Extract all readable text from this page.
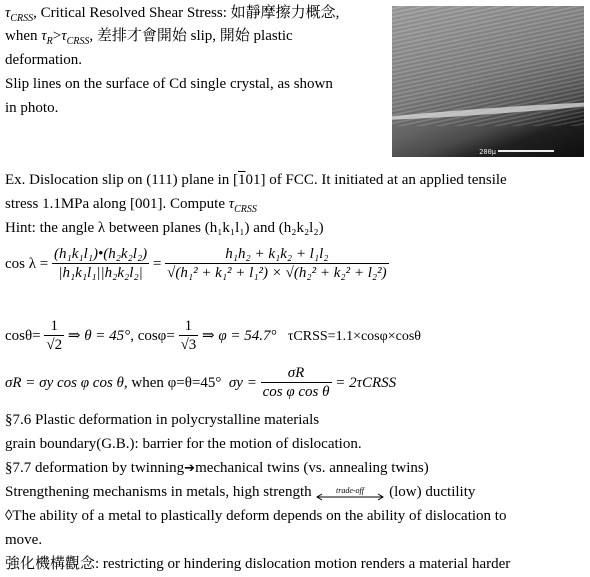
$\tau_{CRSS}$, Critical Resolved Shear Stress: 如靜摩擦力概念,
when $\tau_R>\tau_{CRSS}$, 差排才會開始 slip, 開始 plastic
deformation.
Slip lines on the surface of Cd single crystal, as shown
in photo.
200μ
Ex. Dislocation slip on (111) plane in [101] of FCC. It initiated at an applied tensile
stress 1.1MPa along [001]. Compute $\tau_{CRSS}$
Hint: the angle λ between planes (h₁k₁l₁) and (h₂k₂l₂)
$\cos \lambda = \frac{\text{(h₁k₁l₁)•(h₂k₂l₂)}}{\text{|h₁k₁l₁||h₂k₂l₂|}} = \frac{\text{h₁h₂ + k₁k₂ + l₁l₂}}{\text{√(h₁² + k₁² + l₁²) × √(h₂² + k₂² + l₂²)}}$
$\cos\theta= \frac{1}{√2}$ ⇒ θ = 45°, $\cos\varphi= \frac{1}{√3}$ ⇒ φ = 54.7° τCRSS=1.1×cosφ×cosθ
σR = σy cos φ cos θ, when φ=θ=45° $\sigma y = \frac{\sigma R}{\text{cos φ cos θ}}$ = 2τCRSS
§7.6 Plastic deformation in polycrystalline materials
grain boundary(G.B.): barrier for the motion of dislocation.
§7.7 deformation by twinning➔mechanical twins (vs. annealing twins)
Strengthening mechanisms in metals, high strength	trade-off (low) ductility
◊The ability of a metal to plastically deform depends on the ability of dislocation to
move.
強化機構觀念: restricting or hindering dislocation motion renders a material harder
